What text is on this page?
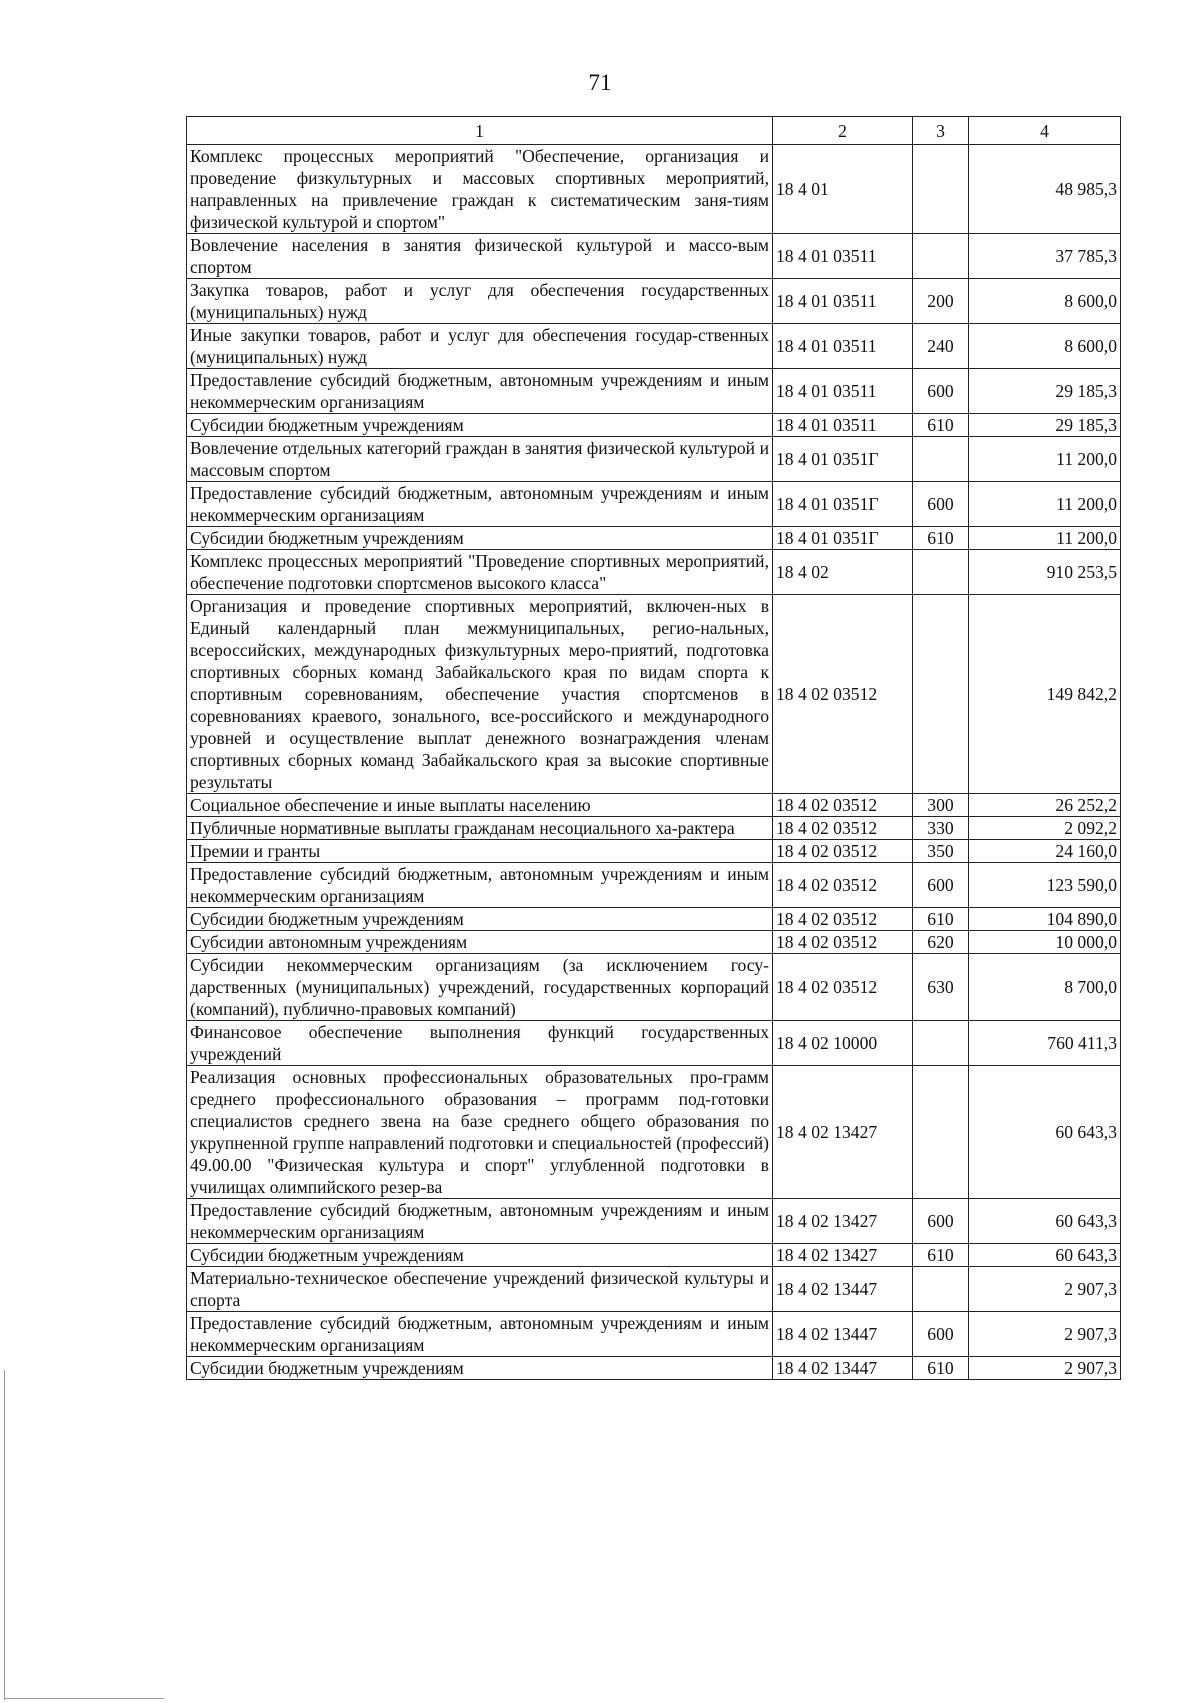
71
1	2	3	4
Комплекс процессных мероприятий "Обеспечение, организация и проведение физкультурных и массовых спортивных мероприятий, направленных на привлечение граждан к систематическим заня-тиям физической культурой и спортом"	18 4 01		48 985,3
Вовлечение населения в занятия физической культурой и массо-вым спортом	18 4 01 03511		37 785,3
Закупка товаров, работ и услуг для обеспечения государственных (муниципальных) нужд	18 4 01 03511	200	8 600,0
Иные закупки товаров, работ и услуг для обеспечения государ-ственных (муниципальных) нужд	18 4 01 03511	240	8 600,0
Предоставление субсидий бюджетным, автономным учреждениям и иным некоммерческим организациям	18 4 01 03511	600	29 185,3
Субсидии бюджетным учреждениям	18 4 01 03511	610	29 185,3
Вовлечение отдельных категорий граждан в занятия физической культурой и массовым спортом	18 4 01 0351Г		11 200,0
Предоставление субсидий бюджетным, автономным учреждениям и иным некоммерческим организациям	18 4 01 0351Г	600	11 200,0
Субсидии бюджетным учреждениям	18 4 01 0351Г	610	11 200,0
Комплекс процессных мероприятий "Проведение спортивных мероприятий, обеспечение подготовки спортсменов высокого класса"	18 4 02		910 253,5
Организация и проведение спортивных мероприятий, включен-ных в Единый календарный план межмуниципальных, регио-нальных, всероссийских, международных физкультурных меро-приятий, подготовка спортивных сборных команд Забайкальского края по видам спорта к спортивным соревнованиям, обеспечение участия спортсменов в соревнованиях краевого, зонального, все-российского и международного уровней и осуществление выплат денежного вознаграждения членам спортивных сборных команд Забайкальского края за высокие спортивные результаты	18 4 02 03512		149 842,2
Социальное обеспечение и иные выплаты населению	18 4 02 03512	300	26 252,2
Публичные нормативные выплаты гражданам несоциального ха-рактера	18 4 02 03512	330	2 092,2
Премии и гранты	18 4 02 03512	350	24 160,0
Предоставление субсидий бюджетным, автономным учреждениям и иным некоммерческим организациям	18 4 02 03512	600	123 590,0
Субсидии бюджетным учреждениям	18 4 02 03512	610	104 890,0
Субсидии автономным учреждениям	18 4 02 03512	620	10 000,0
Субсидии некоммерческим организациям (за исключением госу-дарственных (муниципальных) учреждений, государственных корпораций (компаний), публично-правовых компаний)	18 4 02 03512	630	8 700,0
Финансовое обеспечение выполнения функций государственных учреждений	18 4 02 10000		760 411,3
Реализация основных профессиональных образовательных про-грамм среднего профессионального образования – программ под-готовки специалистов среднего звена на базе среднего общего образования по укрупненной группе направлений подготовки и специальностей (профессий) 49.00.00 "Физическая культура и спорт" углубленной подготовки в училищах олимпийского резер-ва	18 4 02 13427		60 643,3
Предоставление субсидий бюджетным, автономным учреждениям и иным некоммерческим организациям	18 4 02 13427	600	60 643,3
Субсидии бюджетным учреждениям	18 4 02 13427	610	60 643,3
Материально-техническое обеспечение учреждений физической культуры и спорта	18 4 02 13447		2 907,3
Предоставление субсидий бюджетным, автономным учреждениям и иным некоммерческим организациям	18 4 02 13447	600	2 907,3
Субсидии бюджетным учреждениям	18 4 02 13447	610	2 907,3
